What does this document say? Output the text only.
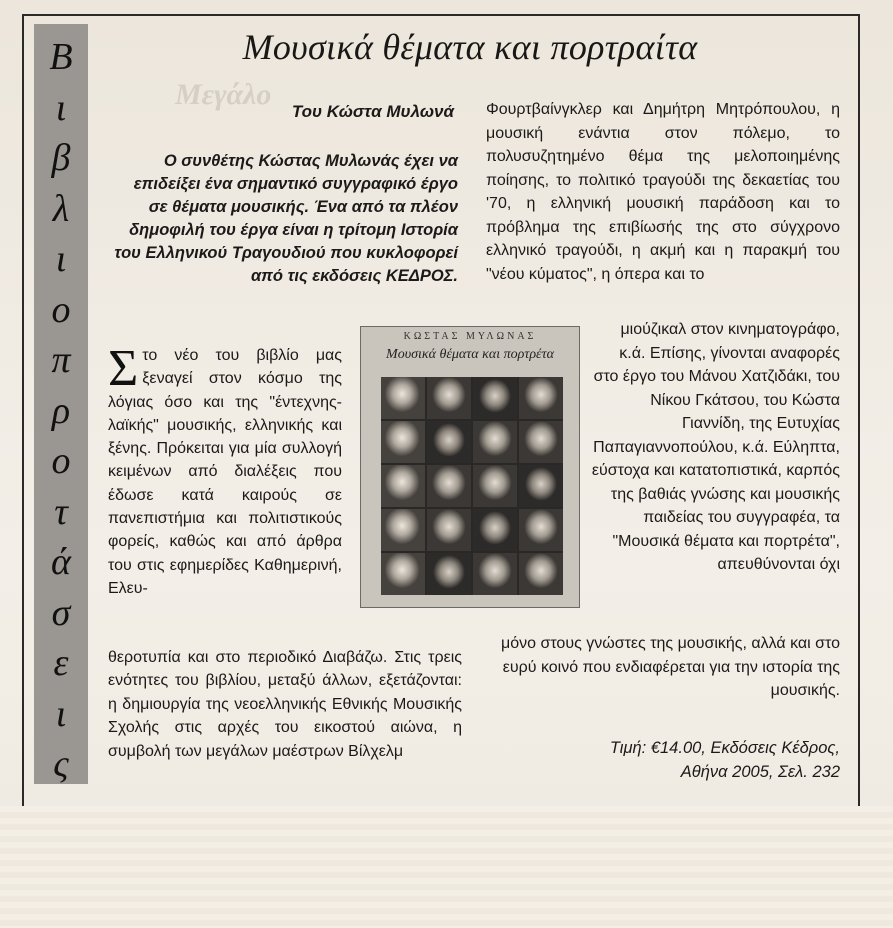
Μεγάλο
Β
ι
β
λ
ι
ο
π
ρ
ο
τ
ά
σ
ε
ι
ς
Μουσικά θέματα και πορτραίτα
Του Κώστα Μυλωνά
Ο συνθέτης Κώστας Μυλωνάς έχει να επιδείξει ένα σημαντικό συγγραφικό έργο σε θέματα μουσικής. Ένα από τα πλέον δημοφιλή του έργα είναι η τρίτομη Ιστορία του Ελληνικού Τραγουδιού που κυκλοφορεί από τις εκδόσεις ΚΕΔΡΟΣ.
Στο νέο του βιβλίο μας ξεναγεί στον κόσμο της λόγιας όσο και της "έντεχνης-λαϊκής" μουσικής, ελληνικής και ξένης. Πρόκειται για μία συλλογή κειμένων από διαλέξεις που έδωσε κατά καιρούς σε πανεπιστήμια και πολιτιστικούς φορείς, καθώς και από άρθρα του στις εφημερίδες Καθημερινή, Ελευ-
ΚΩΣΤΑΣ ΜΥΛΩΝΑΣ
Μουσικά θέματα και πορτρέτα
θεροτυπία και στο περιοδικό Διαβάζω. Στις τρεις ενότητες του βιβλίου, μεταξύ άλλων, εξετάζονται: η δημιουργία της νεοελληνικής Εθνικής Μουσικής Σχολής στις αρχές του εικοστού αιώνα, η συμβολή των μεγάλων μαέστρων Βίλχελμ
Φουρτβαίνγκλερ και Δημήτρη Μητρόπουλου, η μουσική ενάντια στον πόλεμο, το πολυσυζητημένο θέμα της μελοποιημένης ποίησης, το πολιτικό τραγούδι της δεκαετίας του '70, η ελληνική μουσική παράδοση και το πρόβλημα της επιβίωσής της στο σύγχρονο ελληνικό τραγούδι, η ακμή και η παρακμή του "νέου κύματος", η όπερα και το
μιούζικαλ στον κινηματογράφο, κ.ά. Επίσης, γίνονται αναφορές στο έργο του Μάνου Χατζιδάκι, του Νίκου Γκάτσου, του Κώστα Γιαννίδη, της Ευτυχίας Παπαγιαννοπούλου, κ.ά. Εύληπτα, εύστοχα και κατατοπιστικά, καρπός της βαθιάς γνώσης και μουσικής παιδείας του συγγραφέα, τα "Μουσικά θέματα και πορτρέτα", απευθύνονται όχι
μόνο στους γνώστες της μουσικής, αλλά και στο ευρύ κοινό που ενδιαφέρεται για την ιστορία της μουσικής.
Τιμή: €14.00, Εκδόσεις Κέδρος,
Αθήνα 2005, Σελ. 232
